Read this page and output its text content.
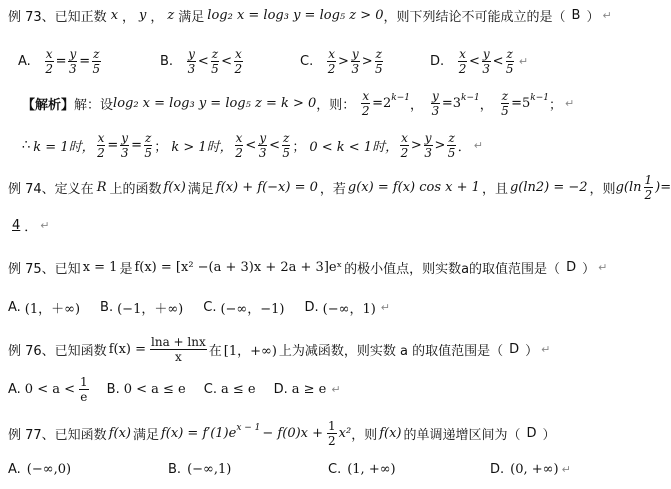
例 73、已知正数 x ， y ， z 满足 log₂ x = log₃ y = log₅ z > 0 ，则下列结论不可能成立的是（ B ） ↵
A. $\frac{x}{2} = \frac{y}{3} = \frac{z}{5}$	B. $\frac{y}{3} < \frac{z}{5} < \frac{x}{2}$	C. $\frac{x}{2} > \frac{y}{3} > \frac{z}{5}$	D. $\frac{x}{2} < \frac{y}{3} < \frac{z}{5}$ ↵
【解析】 解：设 log₂ x = log₃ y = log₅ z = k > 0 ，则： $\frac{x}{2} = 2$ k−1
， $\frac{y}{3} = 3$ k−1
， $\frac{z}{5} = 5$ k−1
； ↵
∴ k = 1时， $\frac{x}{2} = \frac{y}{3} = \frac{z}{5}$ ； k > 1时， $\frac{x}{2} < \frac{y}{3} < \frac{z}{5}$ ； 0 < k < 1时， $\frac{x}{2} > \frac{y}{3} > \frac{z}{5}$ ． ↵
例 74、定义在 R 上的函数 f(x) 满足 f(x) + f(−x) = 0 ，若 g(x) = f(x) cos x + 1 ，且 g(ln2) = −2 ，则 $g(\ln \frac{1}{2}$ )=
4 ． ↵
例 75、已知 x = 1 是 f(x) = [x² −(a + 3)x + 2a + 3]eˣ 的极小值点，则实数a的取值范围是（ D ） ↵
A. (1，＋∞) B. (−1，＋∞) C. (−∞，−1) D. (−∞，1) ↵
例 76、已知函数 $f(x) = \frac{\ln a + \ln x}{x}$ 在 [1，+∞) 上为减函数，则实数 a 的取值范围是（ D ） ↵
A. $0 < a < \frac{1}{e} B$. 0 < a ≤ e C. a ≤ e D. a ≥ e ↵
例 77、已知函数 f(x) 满足 f(x) = f′(1)e $x - 1 - f(0)x + \frac{1}{2} x^2$ ，则 f(x) 的单调递增区间为（ D ）
A. (−∞,0)	B. (−∞,1)	C. (1, +∞)	D. (0, +∞) ↵
